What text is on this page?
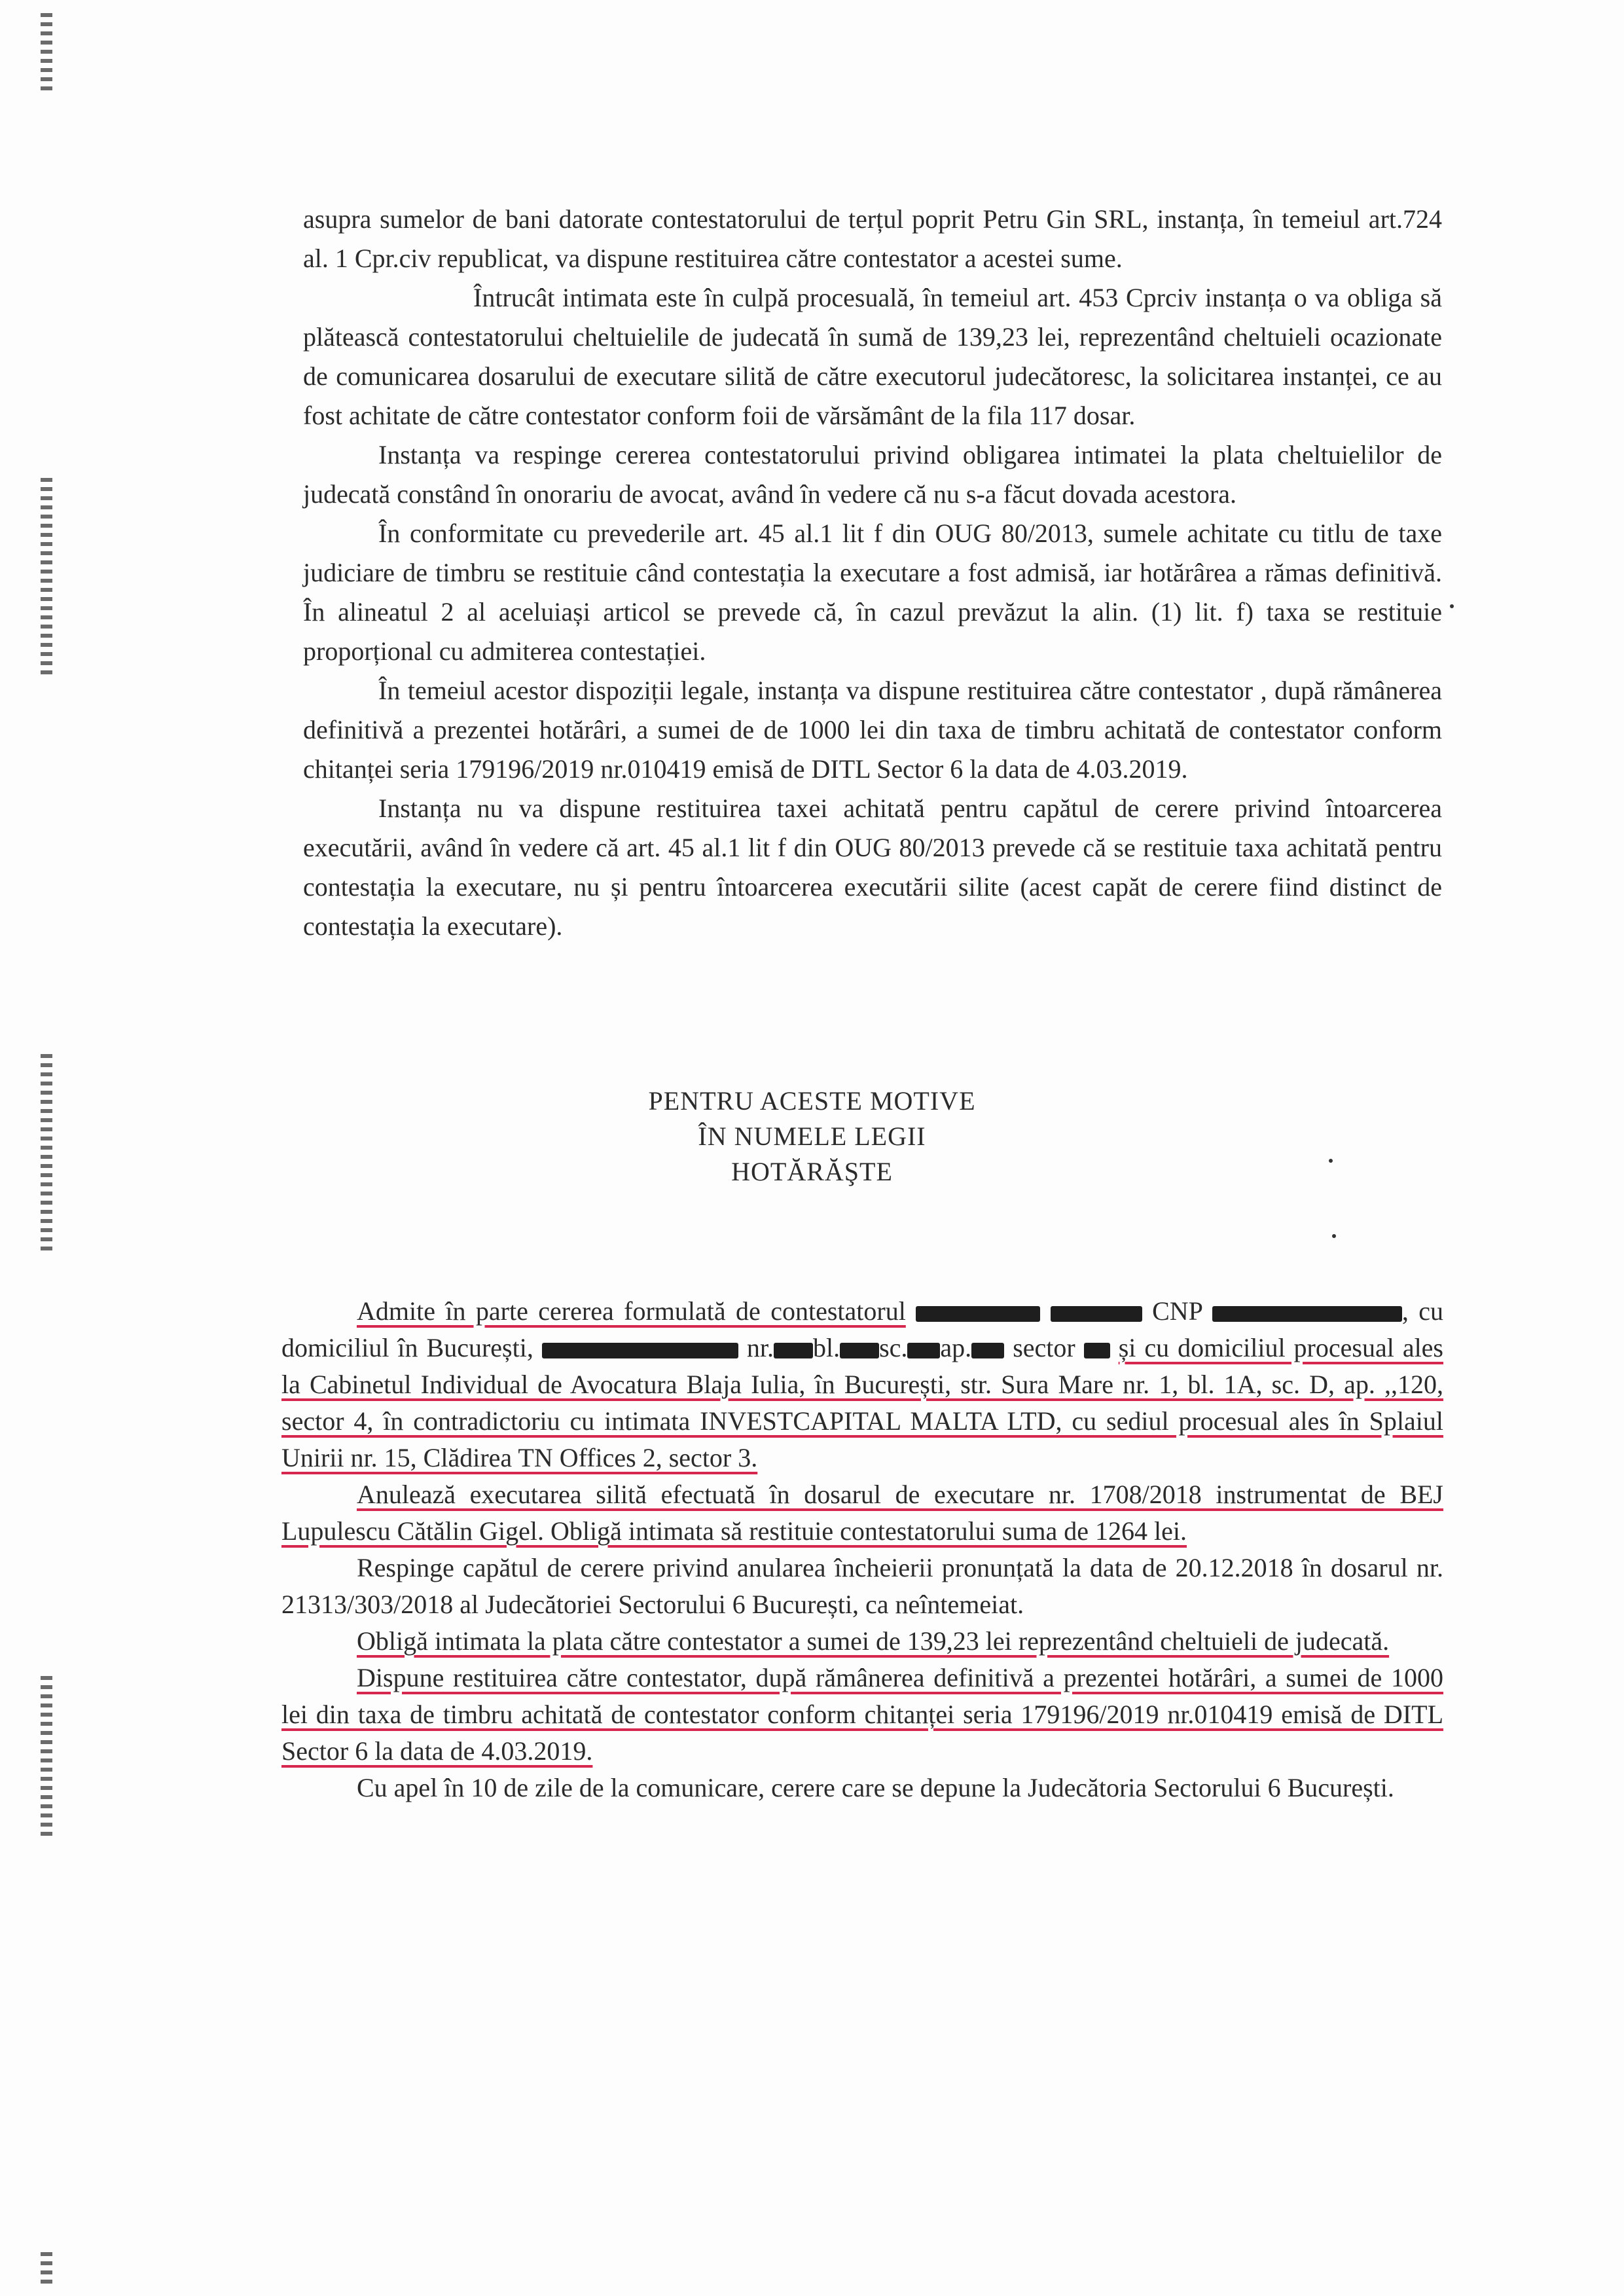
asupra sumelor de bani datorate contestatorului de terțul poprit Petru Gin SRL, instanța, în temeiul art.724 al. 1 Cpr.civ republicat, va dispune restituirea către contestator a acestei sume.

Întrucât intimata este în culpă procesuală, în temeiul art. 453 Cprciv instanța o va obliga să plătească contestatorului cheltuielile de judecată în sumă de 139,23 lei, reprezentând cheltuieli ocazionate de comunicarea dosarului de executare silită de către executorul judecătoresc, la solicitarea instanței, ce au fost achitate de către contestator conform foii de vărsământ de la fila 117 dosar.

Instanța va respinge cererea contestatorului privind obligarea intimatei la plata cheltuielilor de judecată constând în onorariu de avocat, având în vedere că nu s-a făcut dovada acestora.

În conformitate cu prevederile art. 45 al.1 lit f din OUG 80/2013, sumele achitate cu titlu de taxe judiciare de timbru se restituie când contestația la executare a fost admisă, iar hotărârea a rămas definitivă. În alineatul 2 al aceluiași articol se prevede că, în cazul prevăzut la alin. (1) lit. f) taxa se restituie proporțional cu admiterea contestației.

În temeiul acestor dispoziții legale, instanța va dispune restituirea către contestator , după rămânerea definitivă a prezentei hotărâri, a sumei de de 1000 lei din taxa de timbru achitată de contestator conform chitanței seria 179196/2019 nr.010419 emisă de DITL Sector 6 la data de 4.03.2019.

Instanța nu va dispune restituirea taxei achitată pentru capătul de cerere privind întoarcerea executării, având în vedere că art. 45 al.1 lit f din OUG 80/2013 prevede că se restituie taxa achitată pentru contestația la executare, nu și pentru întoarcerea executării silite (acest capăt de cerere fiind distinct de contestația la executare).

PENTRU ACESTE MOTIVE
ÎN NUMELE LEGII
HOTĂRĂŞTE

Admite în parte cererea formulată de contestatorul	CNP	, cu domiciliul în București,	nr. bl. sc. ap. sector și cu domiciliul procesual ales la Cabinetul Individual de Avocatura Blaja Iulia, în București, str. Sura Mare nr. 1, bl. 1A, sc. D, ap. ,,120, sector 4, în contradictoriu cu intimata INVESTCAPITAL MALTA LTD, cu sediul procesual ales în Splaiul Unirii nr. 15, Clădirea TN Offices 2, sector 3.

Anulează executarea silită efectuată în dosarul de executare nr. 1708/2018 instrumentat de BEJ Lupulescu Cătălin Gigel. Obligă intimata să restituie contestatorului suma de 1264 lei.

Respinge capătul de cerere privind anularea încheierii pronunțată la data de 20.12.2018 în dosarul nr. 21313/303/2018 al Judecătoriei Sectorului 6 București, ca neîntemeiat.

Obligă intimata la plata către contestator a sumei de 139,23 lei reprezentând cheltuieli de judecată.

Dispune restituirea către contestator, după rămânerea definitivă a prezentei hotărâri, a sumei de 1000 lei din taxa de timbru achitată de contestator conform chitanței seria 179196/2019 nr.010419 emisă de DITL Sector 6 la data de 4.03.2019.

Cu apel în 10 de zile de la comunicare, cerere care se depune la Judecătoria Sectorului 6 București.
